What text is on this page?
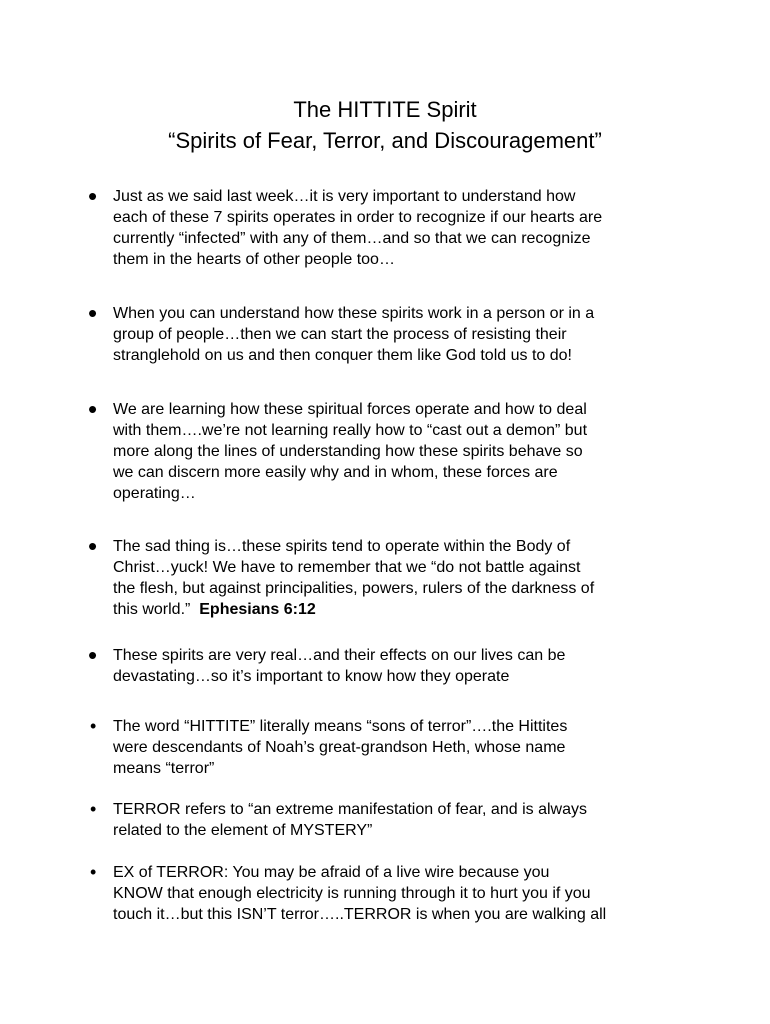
The HITTITE Spirit
“Spirits of Fear, Terror, and Discouragement”
• Just as we said last week…it is very important to understand how
each of these 7 spirits operates in order to recognize if our hearts are
currently “infected” with any of them…and so that we can recognize
them in the hearts of other people too…
• When you can understand how these spirits work in a person or in a
group of people…then we can start the process of resisting their
stranglehold on us and then conquer them like God told us to do!
• We are learning how these spiritual forces operate and how to deal
with them….we’re not learning really how to “cast out a demon” but
more along the lines of understanding how these spirits behave so
we can discern more easily why and in whom, these forces are
operating…
• The sad thing is…these spirits tend to operate within the Body of
Christ…yuck! We have to remember that we “do not battle against
the flesh, but against principalities, powers, rulers of the darkness of
this world.”  Ephesians 6:12
• These spirits are very real…and their effects on our lives can be
devastating…so it’s important to know how they operate
• The word “HITTITE” literally means “sons of terror”….the Hittites
were descendants of Noah’s great-grandson Heth, whose name
means “terror”
• TERROR refers to “an extreme manifestation of fear, and is always
related to the element of MYSTERY”
• EX of TERROR: You may be afraid of a live wire because you
KNOW that enough electricity is running through it to hurt you if you
touch it…but this ISN’T terror…..TERROR is when you are walking all
